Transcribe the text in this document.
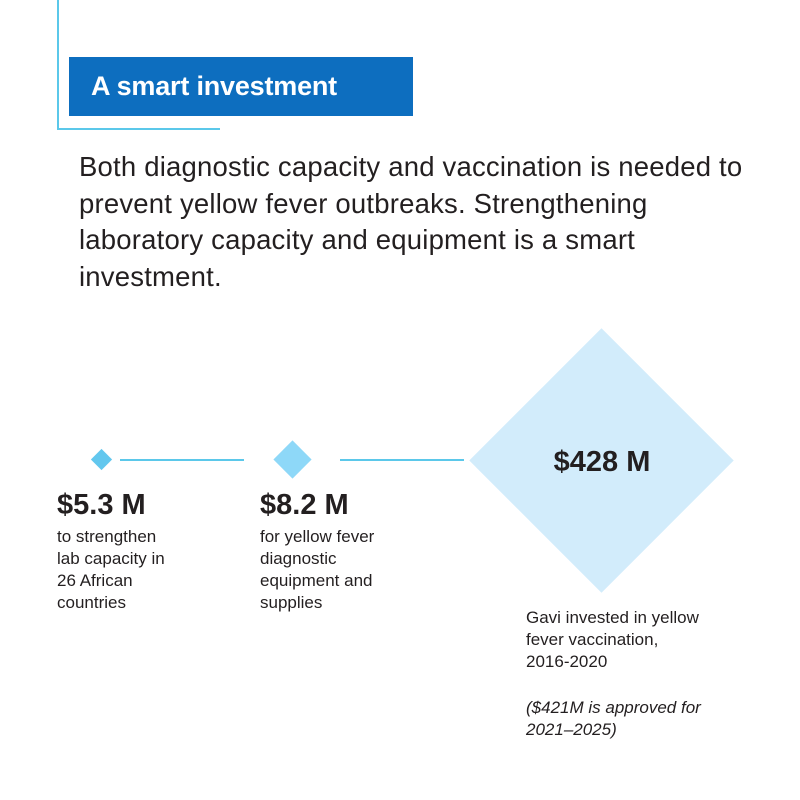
A smart investment

Both diagnostic capacity and vaccination is needed to prevent yellow fever outbreaks. Strengthening laboratory capacity and equipment is a smart investment.

$428 M
$5.3 M
to strengthen
lab capacity in
26 African
countries
$8.2 M
for yellow fever
diagnostic
equipment and
supplies
Gavi invested in yellow
fever vaccination,
2016-2020
($421M is approved for
2021–2025)
